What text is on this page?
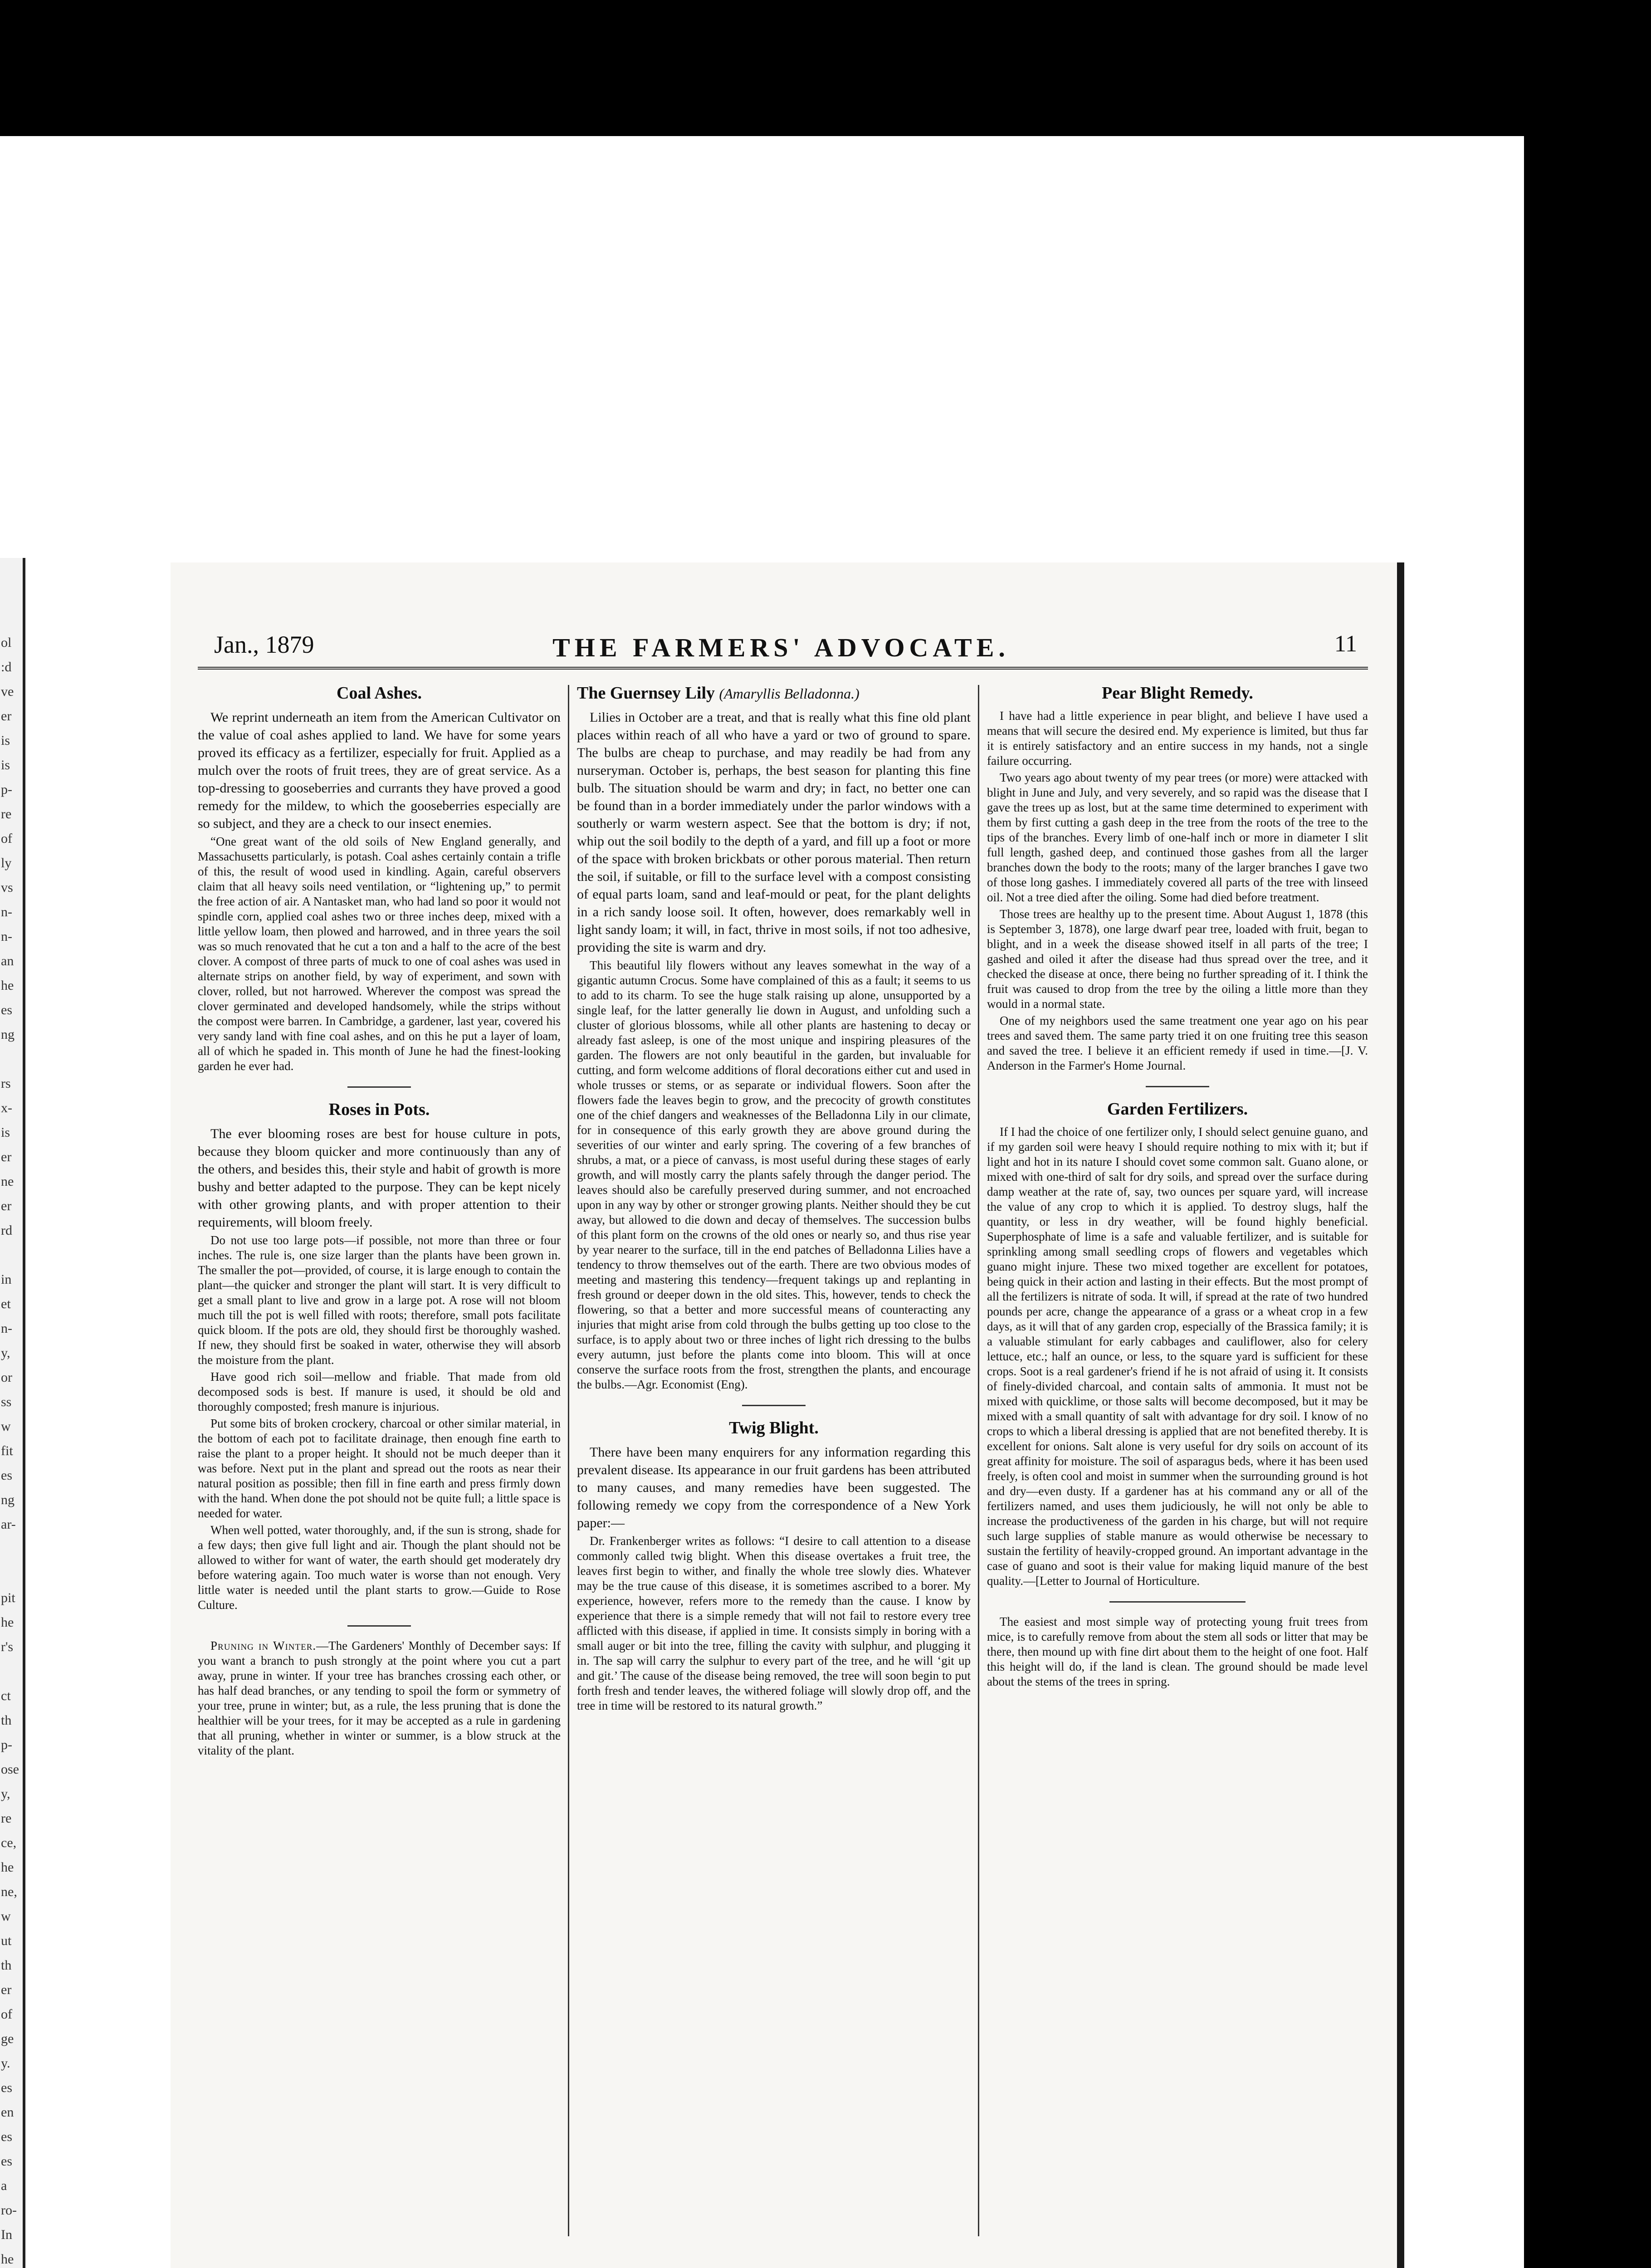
ol
:d
ve
er
is
is
p-
re
of
ly
vs
n-
n-
an
he
es
ng

rs
x-
is
er
ne
er
rd

in
et
n-
y,
or
ss
w
fit
es
ng
ar-

pit
he
r's

ct
th
p-
ose
y,
re
ce,
he
ne,
w
ut
th
er
of
ge
y.
es
en
es
es
a
ro-
In
he

Jan., 1879	THE FARMERS' ADVOCATE.	11
Coal Ashes.

We reprint underneath an item from the American Cultivator on the value of coal ashes applied to land. We have for some years proved its efficacy as a fertilizer, especially for fruit. Applied as a mulch over the roots of fruit trees, they are of great service. As a top-dressing to gooseberries and currants they have proved a good remedy for the mildew, to which the gooseberries especially are so subject, and they are a check to our insect enemies.

“One great want of the old soils of New England generally, and Massachusetts particularly, is potash. Coal ashes certainly contain a trifle of this, the result of wood used in kindling. Again, careful observers claim that all heavy soils need ventilation, or “lightening up,” to permit the free action of air. A Nantasket man, who had land so poor it would not spindle corn, applied coal ashes two or three inches deep, mixed with a little yellow loam, then plowed and harrowed, and in three years the soil was so much renovated that he cut a ton and a half to the acre of the best clover. A compost of three parts of muck to one of coal ashes was used in alternate strips on another field, by way of experiment, and sown with clover, rolled, but not harrowed. Wherever the compost was spread the clover germinated and developed handsomely, while the strips without the compost were barren. In Cambridge, a gardener, last year, covered his very sandy land with fine coal ashes, and on this he put a layer of loam, all of which he spaded in. This month of June he had the finest-looking garden he ever had.

Roses in Pots.

The ever blooming roses are best for house culture in pots, because they bloom quicker and more continuously than any of the others, and besides this, their style and habit of growth is more bushy and better adapted to the purpose. They can be kept nicely with other growing plants, and with proper attention to their requirements, will bloom freely.

Do not use too large pots—if possible, not more than three or four inches. The rule is, one size larger than the plants have been grown in. The smaller the pot—provided, of course, it is large enough to contain the plant—the quicker and stronger the plant will start. It is very difficult to get a small plant to live and grow in a large pot. A rose will not bloom much till the pot is well filled with roots; therefore, small pots facilitate quick bloom. If the pots are old, they should first be thoroughly washed. If new, they should first be soaked in water, otherwise they will absorb the moisture from the plant.

Have good rich soil—mellow and friable. That made from old decomposed sods is best. If manure is used, it should be old and thoroughly composted; fresh manure is injurious.

Put some bits of broken crockery, charcoal or other similar material, in the bottom of each pot to facilitate drainage, then enough fine earth to raise the plant to a proper height. It should not be much deeper than it was before. Next put in the plant and spread out the roots as near their natural position as possible; then fill in fine earth and press firmly down with the hand. When done the pot should not be quite full; a little space is needed for water.

When well potted, water thoroughly, and, if the sun is strong, shade for a few days; then give full light and air. Though the plant should not be allowed to wither for want of water, the earth should get moderately dry before watering again. Too much water is worse than not enough. Very little water is needed until the plant starts to grow.—Guide to Rose Culture.

Pruning in Winter.—The Gardeners' Monthly of December says: If you want a branch to push strongly at the point where you cut a part away, prune in winter. If your tree has branches crossing each other, or has half dead branches, or any tending to spoil the form or symmetry of your tree, prune in winter; but, as a rule, the less pruning that is done the healthier will be your trees, for it may be accepted as a rule in gardening that all pruning, whether in winter or summer, is a blow struck at the vitality of the plant.

The Guernsey Lily (Amaryllis Belladonna.)

Lilies in October are a treat, and that is really what this fine old plant places within reach of all who have a yard or two of ground to spare. The bulbs are cheap to purchase, and may readily be had from any nurseryman. October is, perhaps, the best season for planting this fine bulb. The situation should be warm and dry; in fact, no better one can be found than in a border immediately under the parlor windows with a southerly or warm western aspect. See that the bottom is dry; if not, whip out the soil bodily to the depth of a yard, and fill up a foot or more of the space with broken brickbats or other porous material. Then return the soil, if suitable, or fill to the surface level with a compost consisting of equal parts loam, sand and leaf-mould or peat, for the plant delights in a rich sandy loose soil. It often, however, does remarkably well in light sandy loam; it will, in fact, thrive in most soils, if not too adhesive, providing the site is warm and dry.

This beautiful lily flowers without any leaves somewhat in the way of a gigantic autumn Crocus. Some have complained of this as a fault; it seems to us to add to its charm. To see the huge stalk raising up alone, unsupported by a single leaf, for the latter generally lie down in August, and unfolding such a cluster of glorious blossoms, while all other plants are hastening to decay or already fast asleep, is one of the most unique and inspiring pleasures of the garden. The flowers are not only beautiful in the garden, but invaluable for cutting, and form welcome additions of floral decorations either cut and used in whole trusses or stems, or as separate or individual flowers. Soon after the flowers fade the leaves begin to grow, and the precocity of growth constitutes one of the chief dangers and weaknesses of the Belladonna Lily in our climate, for in consequence of this early growth they are above ground during the severities of our winter and early spring. The covering of a few branches of shrubs, a mat, or a piece of canvass, is most useful during these stages of early growth, and will mostly carry the plants safely through the danger period. The leaves should also be carefully preserved during summer, and not encroached upon in any way by other or stronger growing plants. Neither should they be cut away, but allowed to die down and decay of themselves. The succession bulbs of this plant form on the crowns of the old ones or nearly so, and thus rise year by year nearer to the surface, till in the end patches of Belladonna Lilies have a tendency to throw themselves out of the earth. There are two obvious modes of meeting and mastering this tendency—frequent takings up and replanting in fresh ground or deeper down in the old sites. This, however, tends to check the flowering, so that a better and more successful means of counteracting any injuries that might arise from cold through the bulbs getting up too close to the surface, is to apply about two or three inches of light rich dressing to the bulbs every autumn, just before the plants come into bloom. This will at once conserve the surface roots from the frost, strengthen the plants, and encourage the bulbs.—Agr. Economist (Eng).

Twig Blight.

There have been many enquirers for any information regarding this prevalent disease. Its appearance in our fruit gardens has been attributed to many causes, and many remedies have been suggested. The following remedy we copy from the correspondence of a New York paper:—

Dr. Frankenberger writes as follows: “I desire to call attention to a disease commonly called twig blight. When this disease overtakes a fruit tree, the leaves first begin to wither, and finally the whole tree slowly dies. Whatever may be the true cause of this disease, it is sometimes ascribed to a borer. My experience, however, refers more to the remedy than the cause. I know by experience that there is a simple remedy that will not fail to restore every tree afflicted with this disease, if applied in time. It consists simply in boring with a small auger or bit into the tree, filling the cavity with sulphur, and plugging it in. The sap will carry the sulphur to every part of the tree, and he will ‘git up and git.’ The cause of the disease being removed, the tree will soon begin to put forth fresh and tender leaves, the withered foliage will slowly drop off, and the tree in time will be restored to its natural growth.”

Pear Blight Remedy.

I have had a little experience in pear blight, and believe I have used a means that will secure the desired end. My experience is limited, but thus far it is entirely satisfactory and an entire success in my hands, not a single failure occurring.

Two years ago about twenty of my pear trees (or more) were attacked with blight in June and July, and very severely, and so rapid was the disease that I gave the trees up as lost, but at the same time determined to experiment with them by first cutting a gash deep in the tree from the roots of the tree to the tips of the branches. Every limb of one-half inch or more in diameter I slit full length, gashed deep, and continued those gashes from all the larger branches down the body to the roots; many of the larger branches I gave two of those long gashes. I immediately covered all parts of the tree with linseed oil. Not a tree died after the oiling. Some had died before treatment.

Those trees are healthy up to the present time. About August 1, 1878 (this is September 3, 1878), one large dwarf pear tree, loaded with fruit, began to blight, and in a week the disease showed itself in all parts of the tree; I gashed and oiled it after the disease had thus spread over the tree, and it checked the disease at once, there being no further spreading of it. I think the fruit was caused to drop from the tree by the oiling a little more than they would in a normal state.

One of my neighbors used the same treatment one year ago on his pear trees and saved them. The same party tried it on one fruiting tree this season and saved the tree. I believe it an efficient remedy if used in time.—[J. V. Anderson in the Farmer's Home Journal.

Garden Fertilizers.

If I had the choice of one fertilizer only, I should select genuine guano, and if my garden soil were heavy I should require nothing to mix with it; but if light and hot in its nature I should covet some common salt. Guano alone, or mixed with one-third of salt for dry soils, and spread over the surface during damp weather at the rate of, say, two ounces per square yard, will increase the value of any crop to which it is applied. To destroy slugs, half the quantity, or less in dry weather, will be found highly beneficial. Superphosphate of lime is a safe and valuable fertilizer, and is suitable for sprinkling among small seedling crops of flowers and vegetables which guano might injure. These two mixed together are excellent for potatoes, being quick in their action and lasting in their effects. But the most prompt of all the fertilizers is nitrate of soda. It will, if spread at the rate of two hundred pounds per acre, change the appearance of a grass or a wheat crop in a few days, as it will that of any garden crop, especially of the Brassica family; it is a valuable stimulant for early cabbages and cauliflower, also for celery lettuce, etc.; half an ounce, or less, to the square yard is sufficient for these crops. Soot is a real gardener's friend if he is not afraid of using it. It consists of finely-divided charcoal, and contain salts of ammonia. It must not be mixed with quicklime, or those salts will become decomposed, but it may be mixed with a small quantity of salt with advantage for dry soil. I know of no crops to which a liberal dressing is applied that are not benefited thereby. It is excellent for onions. Salt alone is very useful for dry soils on account of its great affinity for moisture. The soil of asparagus beds, where it has been used freely, is often cool and moist in summer when the surrounding ground is hot and dry—even dusty. If a gardener has at his command any or all of the fertilizers named, and uses them judiciously, he will not only be able to increase the productiveness of the garden in his charge, but will not require such large supplies of stable manure as would otherwise be necessary to sustain the fertility of heavily-cropped ground. An important advantage in the case of guano and soot is their value for making liquid manure of the best quality.—[Letter to Journal of Horticulture.

The easiest and most simple way of protecting young fruit trees from mice, is to carefully remove from about the stem all sods or litter that may be there, then mound up with fine dirt about them to the height of one foot. Half this height will do, if the land is clean. The ground should be made level about the stems of the trees in spring.
